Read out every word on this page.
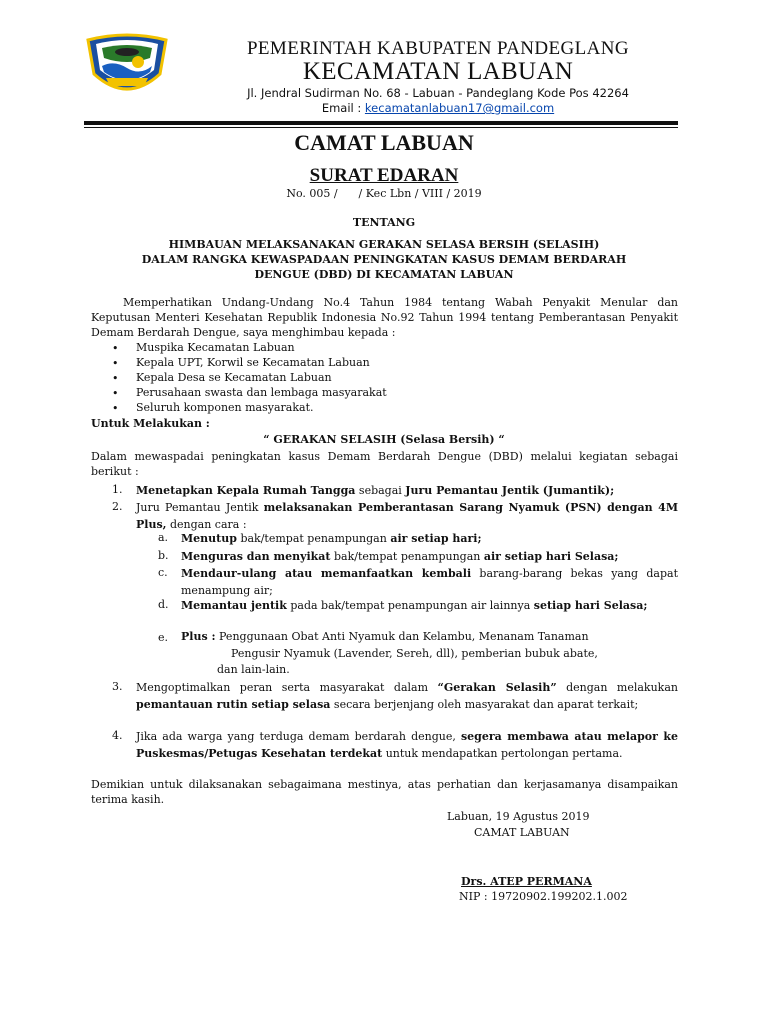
PEMERINTAH KABUPATEN PANDEGLANG
KECAMATAN LABUAN
Jl. Jendral Sudirman No. 68 - Labuan - Pandeglang Kode Pos 42264
Email : kecamatanlabuan17@gmail.com
CAMAT LABUAN
SURAT EDARAN
No. 005 /      / Kec Lbn / VIII / 2019
TENTANG
HIMBAUAN MELAKSANAKAN GERAKAN SELASA BERSIH (SELASIH)
DALAM RANGKA KEWASPADAAN PENINGKATAN KASUS DEMAM BERDARAH
DENGUE (DBD) DI KECAMATAN LABUAN
Memperhatikan Undang-Undang No.4 Tahun 1984 tentang Wabah Penyakit Menular dan Keputusan Menteri Kesehatan Republik Indonesia No.92 Tahun 1994 tentang Pemberantasan Penyakit Demam Berdarah Dengue, saya menghimbau kepada :
• Muspika Kecamatan Labuan
• Kepala UPT, Korwil se Kecamatan Labuan
• Kepala Desa se Kecamatan Labuan
• Perusahaan swasta dan lembaga masyarakat
• Seluruh komponen masyarakat.
Untuk Melakukan :
“ GERAKAN SELASIH (Selasa Bersih) “
Dalam mewaspadai peningkatan kasus Demam Berdarah Dengue (DBD) melalui kegiatan sebagai berikut :
1. Menetapkan Kepala Rumah Tangga sebagai Juru Pemantau Jentik (Jumantik);
2. Juru Pemantau Jentik melaksanakan Pemberantasan Sarang Nyamuk (PSN) dengan 4M Plus, dengan cara :
a. Menutup bak/tempat penampungan air setiap hari;
b. Menguras dan menyikat bak/tempat penampungan air setiap hari Selasa;
c. Mendaur-ulang atau memanfaatkan kembali barang-barang bekas yang dapat menampung air;
d. Memantau jentik pada bak/tempat penampungan air lainnya setiap hari Selasa;
e. Plus : Penggunaan Obat Anti Nyamuk dan Kelambu, Menanam Tanaman
Pengusir Nyamuk (Lavender, Sereh, dll), pemberian bubuk abate,
dan lain-lain.
3. Mengoptimalkan peran serta masyarakat dalam “Gerakan Selasih” dengan melakukan pemantauan rutin setiap selasa secara berjenjang oleh masyarakat dan aparat terkait;
4. Jika ada warga yang terduga demam berdarah dengue, segera membawa atau melapor ke Puskesmas/Petugas Kesehatan terdekat untuk mendapatkan pertolongan pertama.
Demikian untuk dilaksanakan sebagaimana mestinya, atas perhatian dan kerjasamanya disampaikan terima kasih.
Labuan, 19 Agustus 2019
CAMAT LABUAN
Drs. ATEP PERMANA
NIP : 19720902.199202.1.002
